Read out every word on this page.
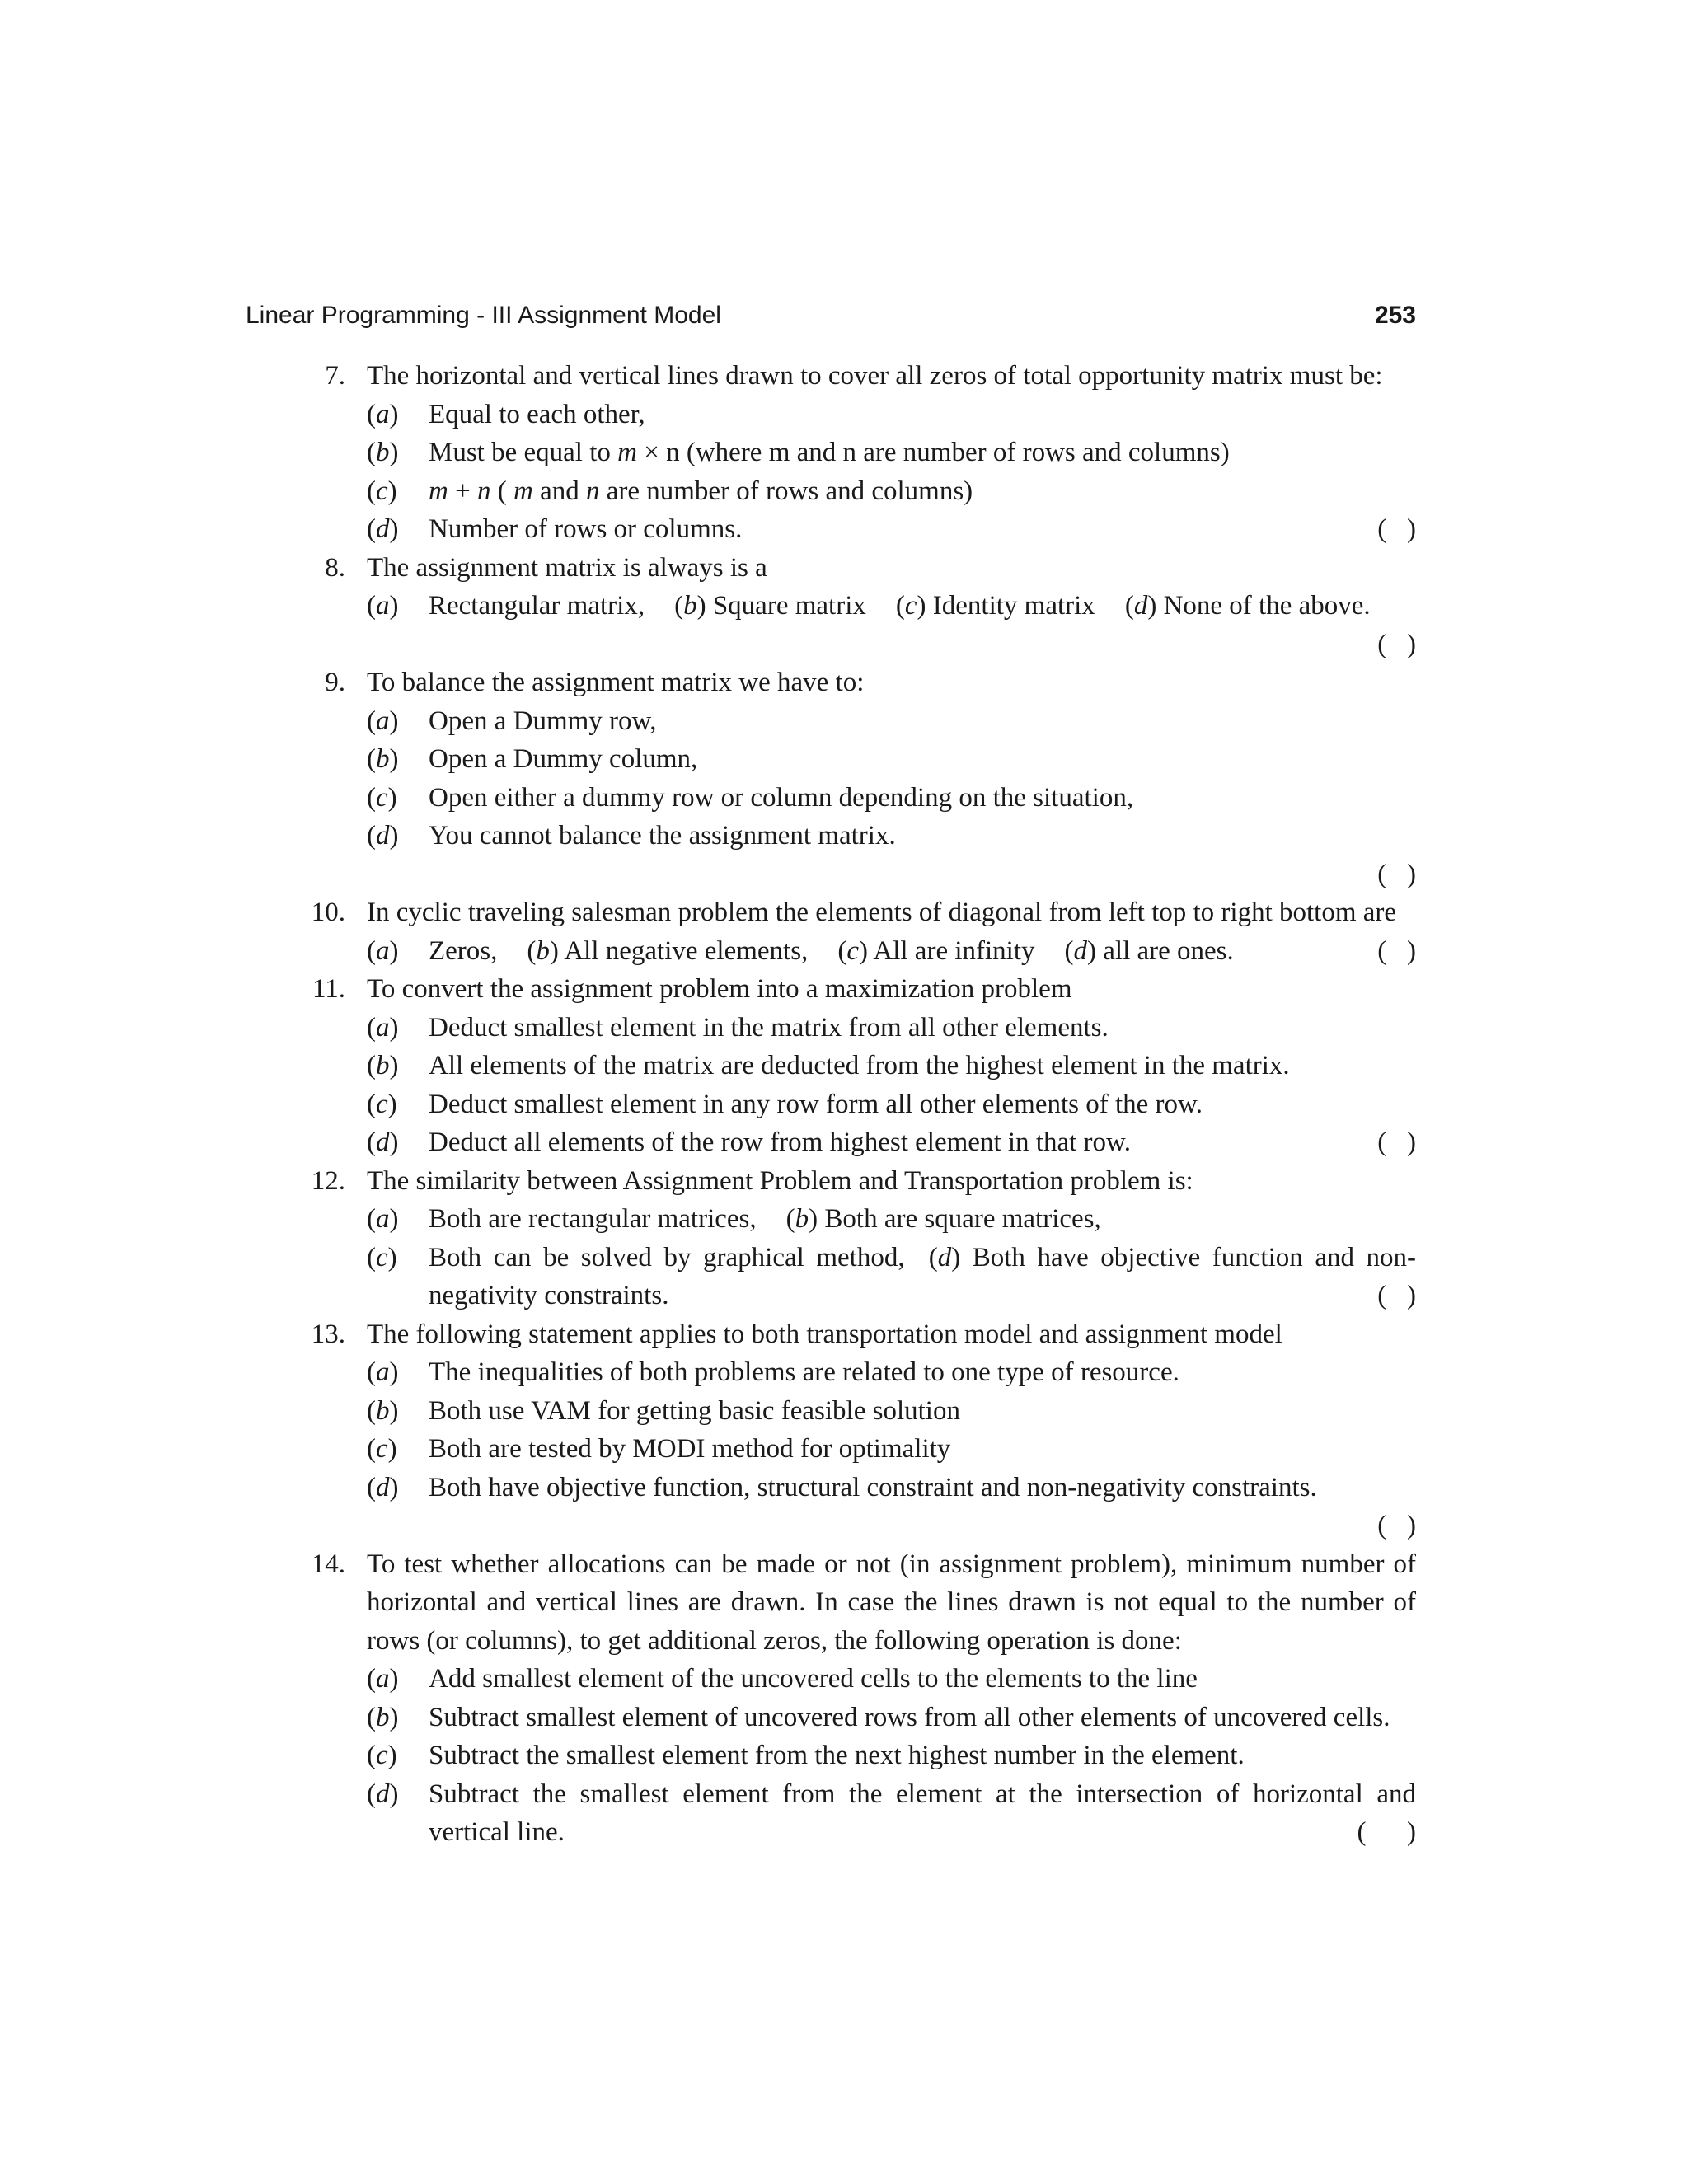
Linear Programming - III Assignment Model	253
7. The horizontal and vertical lines drawn to cover all zeros of total opportunity matrix must be:
(a) Equal to each other,
(b) Must be equal to m × n (where m and n are number of rows and columns)
(c) m + n ( m and n are number of rows and columns)
(d) Number of rows or columns.	(   )
8. The assignment matrix is always is a
(a) Rectangular matrix, (b) Square matrix (c) Identity matrix (d) None of the above.
(   )
9. To balance the assignment matrix we have to:
(a) Open a Dummy row,
(b) Open a Dummy column,
(c) Open either a dummy row or column depending on the situation,
(d) You cannot balance the assignment matrix.
(   )
10. In cyclic traveling salesman problem the elements of diagonal from left top to right bottom are
(a) Zeros, (b) All negative elements, (c) All are infinity (d) all are ones.	(   )
11. To convert the assignment problem into a maximization problem
(a) Deduct smallest element in the matrix from all other elements.
(b) All elements of the matrix are deducted from the highest element in the matrix.
(c) Deduct smallest element in any row form all other elements of the row.
(d) Deduct all elements of the row from highest element in that row.	(   )
12. The similarity between Assignment Problem and Transportation problem is:
(a) Both are rectangular matrices, (b) Both are square matrices,
(c) Both can be solved by graphical method, (d) Both have objective function and non-negativity constraints.	(   )
13. The following statement applies to both transportation model and assignment model
(a) The inequalities of both problems are related to one type of resource.
(b) Both use VAM for getting basic feasible solution
(c) Both are tested by MODI method for optimality
(d) Both have objective function, structural constraint and non-negativity constraints.
(   )
14. To test whether allocations can be made or not (in assignment problem), minimum number of horizontal and vertical lines are drawn. In case the lines drawn is not equal to the number of rows (or columns), to get additional zeros, the following operation is done:
(a) Add smallest element of the uncovered cells to the elements to the line
(b) Subtract smallest element of uncovered rows from all other elements of uncovered cells.
(c) Subtract the smallest element from the next highest number in the element.
(d) Subtract the smallest element from the element at the intersection of horizontal and vertical line.	(      )
